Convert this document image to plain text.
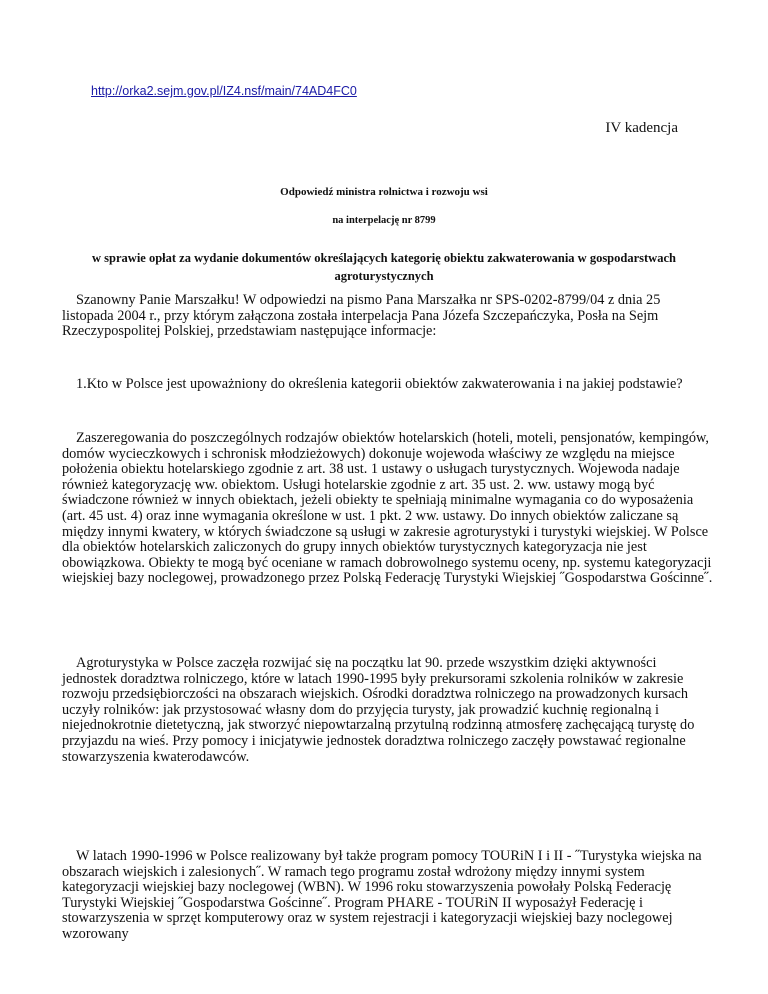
http://orka2.sejm.gov.pl/IZ4.nsf/main/74AD4FC0
IV kadencja
Odpowiedź ministra rolnictwa i rozwoju wsi
na interpelację nr 8799
w sprawie opłat za wydanie dokumentów określających kategorię obiektu zakwaterowania w gospodarstwach agroturystycznych

Szanowny Panie Marszałku! W odpowiedzi na pismo Pana Marszałka nr SPS-0202-8799/04 z dnia 25 listopada 2004 r., przy którym załączona została interpelacja Pana Józefa Szczepańczyka, Posła na Sejm Rzeczypospolitej Polskiej, przedstawiam następujące informacje:

1.Kto w Polsce jest upoważniony do określenia kategorii obiektów zakwaterowania i na jakiej podstawie?

Zaszeregowania do poszczególnych rodzajów obiektów hotelarskich (hoteli, moteli, pensjonatów, kempingów, domów wycieczkowych i schronisk młodzieżowych) dokonuje wojewoda właściwy ze względu na miejsce położenia obiektu hotelarskiego zgodnie z art. 38 ust. 1 ustawy o usługach turystycznych. Wojewoda nadaje również kategoryzację ww. obiektom. Usługi hotelarskie zgodnie z art. 35 ust. 2. ww. ustawy mogą być świadczone również w innych obiektach, jeżeli obiekty te spełniają minimalne wymagania co do wyposażenia (art. 45 ust. 4) oraz inne wymagania określone w ust. 1 pkt. 2 ww. ustawy. Do innych obiektów zaliczane są między innymi kwatery, w których świadczone są usługi w zakresie agroturystyki i turystyki wiejskiej. W Polsce dla obiektów hotelarskich zaliczonych do grupy innych obiektów turystycznych kategoryzacja nie jest obowiązkowa. Obiekty te mogą być oceniane w ramach dobrowolnego systemu oceny, np. systemu kategoryzacji wiejskiej bazy noclegowej, prowadzonego przez Polską Federację Turystyki Wiejskiej ˝Gospodarstwa Gościnne˝.

Agroturystyka w Polsce zaczęła rozwijać się na początku lat 90. przede wszystkim dzięki aktywności jednostek doradztwa rolniczego, które w latach 1990-1995 były prekursorami szkolenia rolników w zakresie rozwoju przedsiębiorczości na obszarach wiejskich. Ośrodki doradztwa rolniczego na prowadzonych kursach uczyły rolników: jak przystosować własny dom do przyjęcia turysty, jak prowadzić kuchnię regionalną i niejednokrotnie dietetyczną, jak stworzyć niepowtarzalną przytulną rodzinną atmosferę zachęcającą turystę do przyjazdu na wieś. Przy pomocy i inicjatywie jednostek doradztwa rolniczego zaczęły powstawać regionalne stowarzyszenia kwaterodawców.

W latach 1990-1996 w Polsce realizowany był także program pomocy TOURiN I i II - ˝Turystyka wiejska na obszarach wiejskich i zalesionych˝. W ramach tego programu został wdrożony między innymi system kategoryzacji wiejskiej bazy noclegowej (WBN). W 1996 roku stowarzyszenia powołały Polską Federację Turystyki Wiejskiej ˝Gospodarstwa Gościnne˝. Program PHARE - TOURiN II wyposażył Federację i stowarzyszenia w sprzęt komputerowy oraz w system rejestracji i kategoryzacji wiejskiej bazy noclegowej wzorowany
